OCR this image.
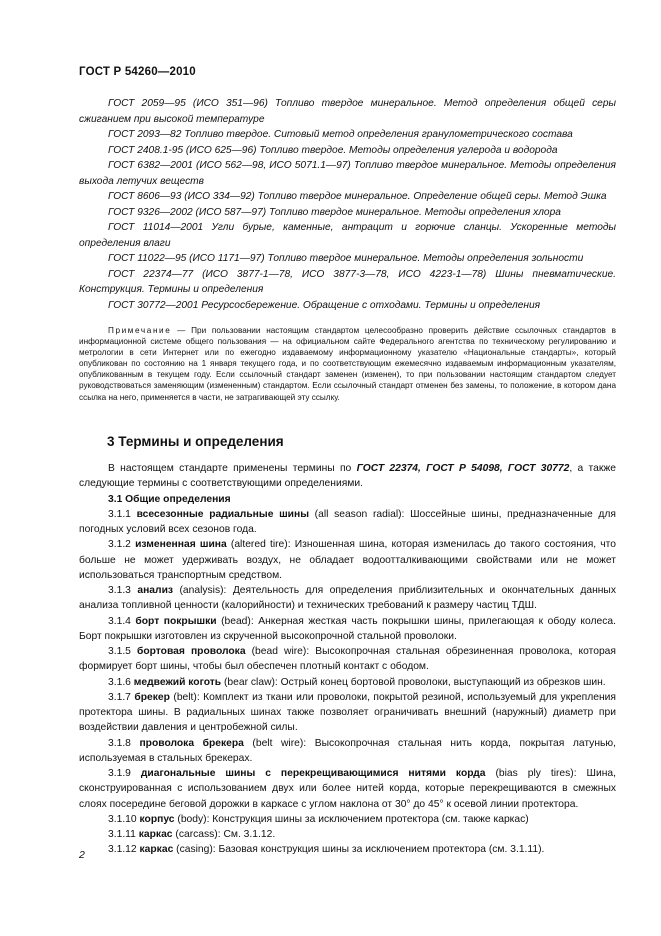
ГОСТ Р 54260—2010

ГОСТ 2059—95 (ИСО 351—96) Топливо твердое минеральное. Метод определения общей серы сжиганием при высокой температуре

ГОСТ 2093—82 Топливо твердое. Ситовый метод определения гранулометрического состава

ГОСТ 2408.1-95 (ИСО 625—96) Топливо твердое. Методы определения углерода и водорода

ГОСТ 6382—2001 (ИСО 562—98, ИСО 5071.1—97) Топливо твердое минеральное. Методы определения выхода летучих веществ

ГОСТ 8606—93 (ИСО 334—92) Топливо твердое минеральное. Определение общей серы. Метод Эшка

ГОСТ 9326—2002 (ИСО 587—97) Топливо твердое минеральное. Методы определения хлора

ГОСТ 11014—2001 Угли бурые, каменные, антрацит и горючие сланцы. Ускоренные методы определения влаги

ГОСТ 11022—95 (ИСО 1171—97) Топливо твердое минеральное. Методы определения зольности

ГОСТ 22374—77 (ИСО 3877-1—78, ИСО 3877-3—78, ИСО 4223-1—78) Шины пневматические. Конструкция. Термины и определения

ГОСТ 30772—2001 Ресурсосбережение. Обращение с отходами. Термины и определения

Примечание — При пользовании настоящим стандартом целесообразно проверить действие ссылочных стандартов в информационной системе общего пользования — на официальном сайте Федерального агентства по техническому регулированию и метрологии в сети Интернет или по ежегодно издаваемому информационному указателю «Национальные стандарты», который опубликован по состоянию на 1 января текущего года, и по соответствующим ежемесячно издаваемым информационным указателям, опубликованным в текущем году. Если ссылочный стандарт заменен (изменен), то при пользовании настоящим стандартом следует руководствоваться заменяющим (измененным) стандартом. Если ссылочный стандарт отменен без замены, то положение, в котором дана ссылка на него, применяется в части, не затрагивающей эту ссылку.

3 Термины и определения

В настоящем стандарте применены термины по ГОСТ 22374, ГОСТ Р 54098, ГОСТ 30772, а также следующие термины с соответствующими определениями.

3.1 Общие определения

3.1.1 всесезонные радиальные шины (all season radial): Шоссейные шины, предназначенные для погодных условий всех сезонов года.

3.1.2 измененная шина (altered tire): Изношенная шина, которая изменилась до такого состояния, что больше не может удерживать воздух, не обладает водоотталкивающими свойствами или не может использоваться транспортным средством.

3.1.3 анализ (analysis): Деятельность для определения приблизительных и окончательных данных анализа топливной ценности (калорийности) и технических требований к размеру частиц ТДШ.

3.1.4 борт покрышки (bead): Анкерная жесткая часть покрышки шины, прилегающая к ободу колеса. Борт покрышки изготовлен из скрученной высокопрочной стальной проволоки.

3.1.5 бортовая проволока (bead wire): Высокопрочная стальная обрезиненная проволока, которая формирует борт шины, чтобы был обеспечен плотный контакт с ободом.

3.1.6 медвежий коготь (bear claw): Острый конец бортовой проволоки, выступающий из обрезков шин.

3.1.7 брекер (belt): Комплект из ткани или проволоки, покрытой резиной, используемый для укрепления протектора шины. В радиальных шинах также позволяет ограничивать внешний (наружный) диаметр при воздействии давления и центробежной силы.

3.1.8 проволока брекера (belt wire): Высокопрочная стальная нить корда, покрытая латунью, используемая в стальных брекерах.

3.1.9 диагональные шины с перекрещивающимися нитями корда (bias ply tires): Шина, сконструированная с использованием двух или более нитей корда, которые перекрещиваются в смежных слоях посередине беговой дорожки в каркасе с углом наклона от 30° до 45° к осевой линии протектора.

3.1.10 корпус (body): Конструкция шины за исключением протектора (см. также каркас)

3.1.11 каркас (carcass): См. 3.1.12.

3.1.12 каркас (casing): Базовая конструкция шины за исключением протектора (см. 3.1.11).

2
